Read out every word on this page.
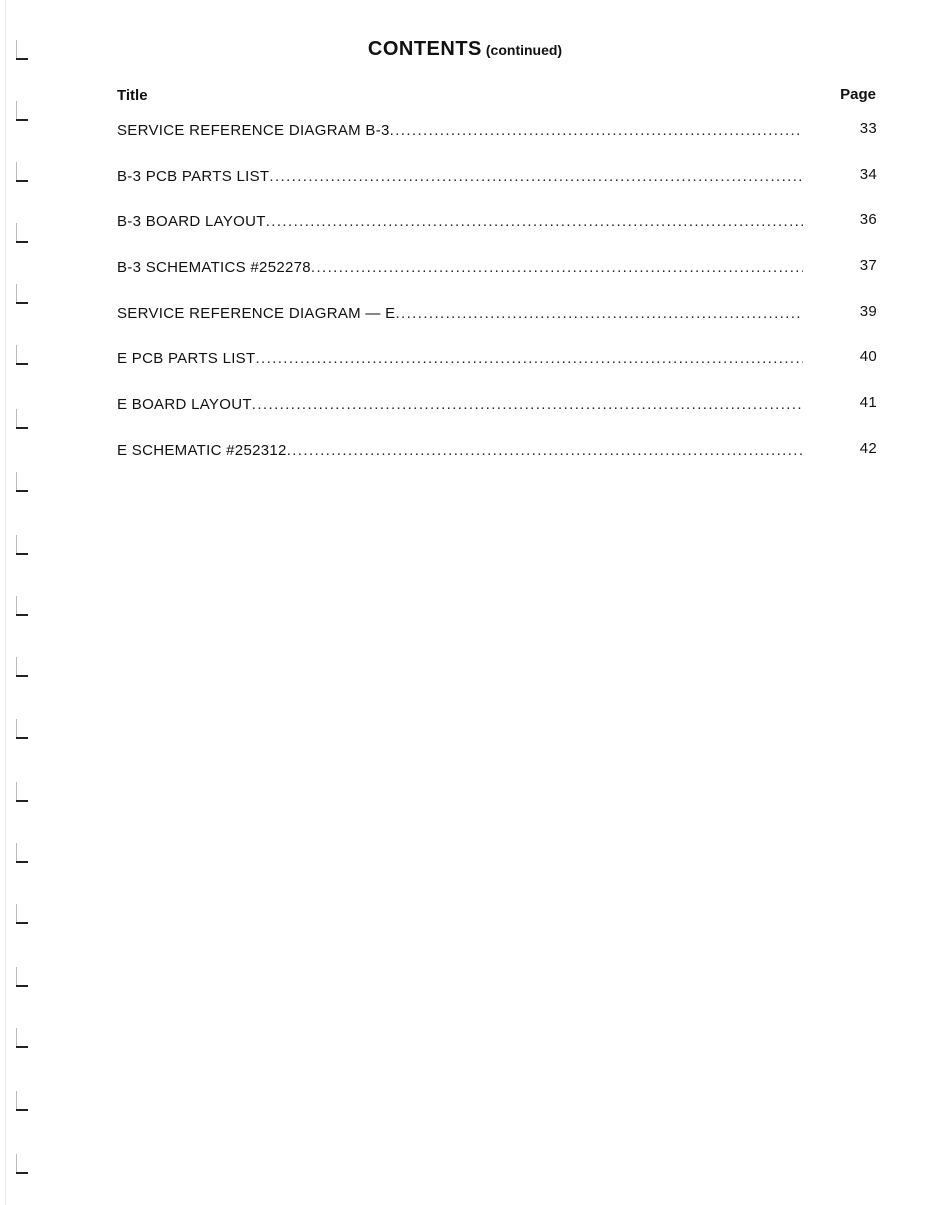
CONTENTS (continued)
Title	Page
SERVICE REFERENCE DIAGRAM B-3 .....	33
B-3 PCB PARTS LIST .....	34
B-3 BOARD LAYOUT .....	36
B-3 SCHEMATICS #252278 .....	37
SERVICE REFERENCE DIAGRAM — E .....	39
E PCB PARTS LIST .....	40
E BOARD LAYOUT .....	41
E SCHEMATIC #252312 .....	42
